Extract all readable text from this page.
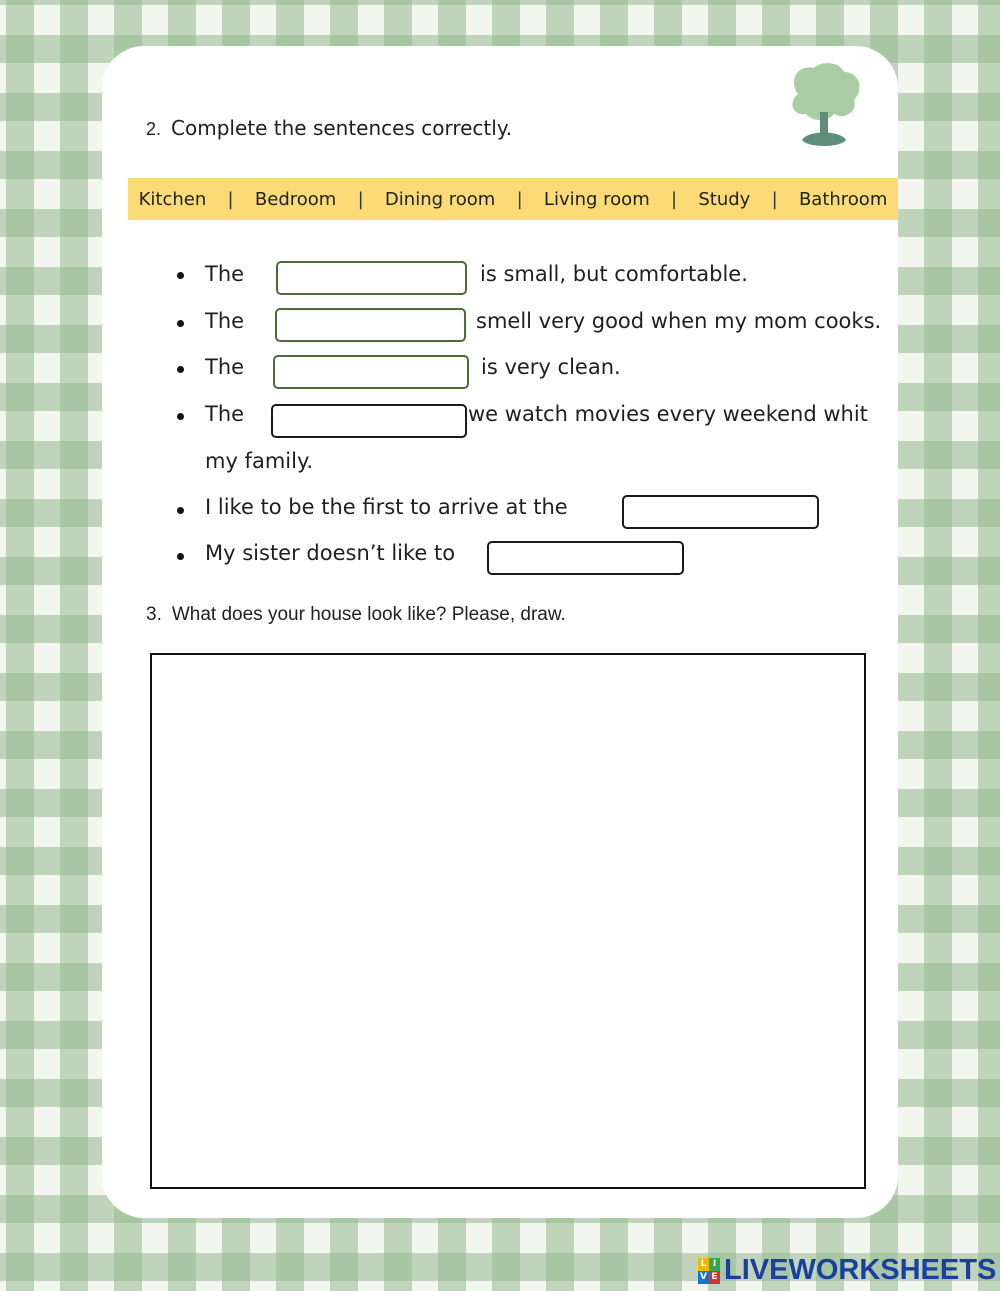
2. Complete the sentences correctly.
Kitchen | Bedroom | Dining room | Living room | Study | Bathroom
The	is small, but comfortable.
The	smell very good when my mom cooks.
The	is very clean.
The	we watch movies every weekend whit
my family.
I like to be the first to arrive at the
My sister doesn’t like to
3. What does your house look like? Please, draw.
L I
V E LIVEWORKSHEETS
